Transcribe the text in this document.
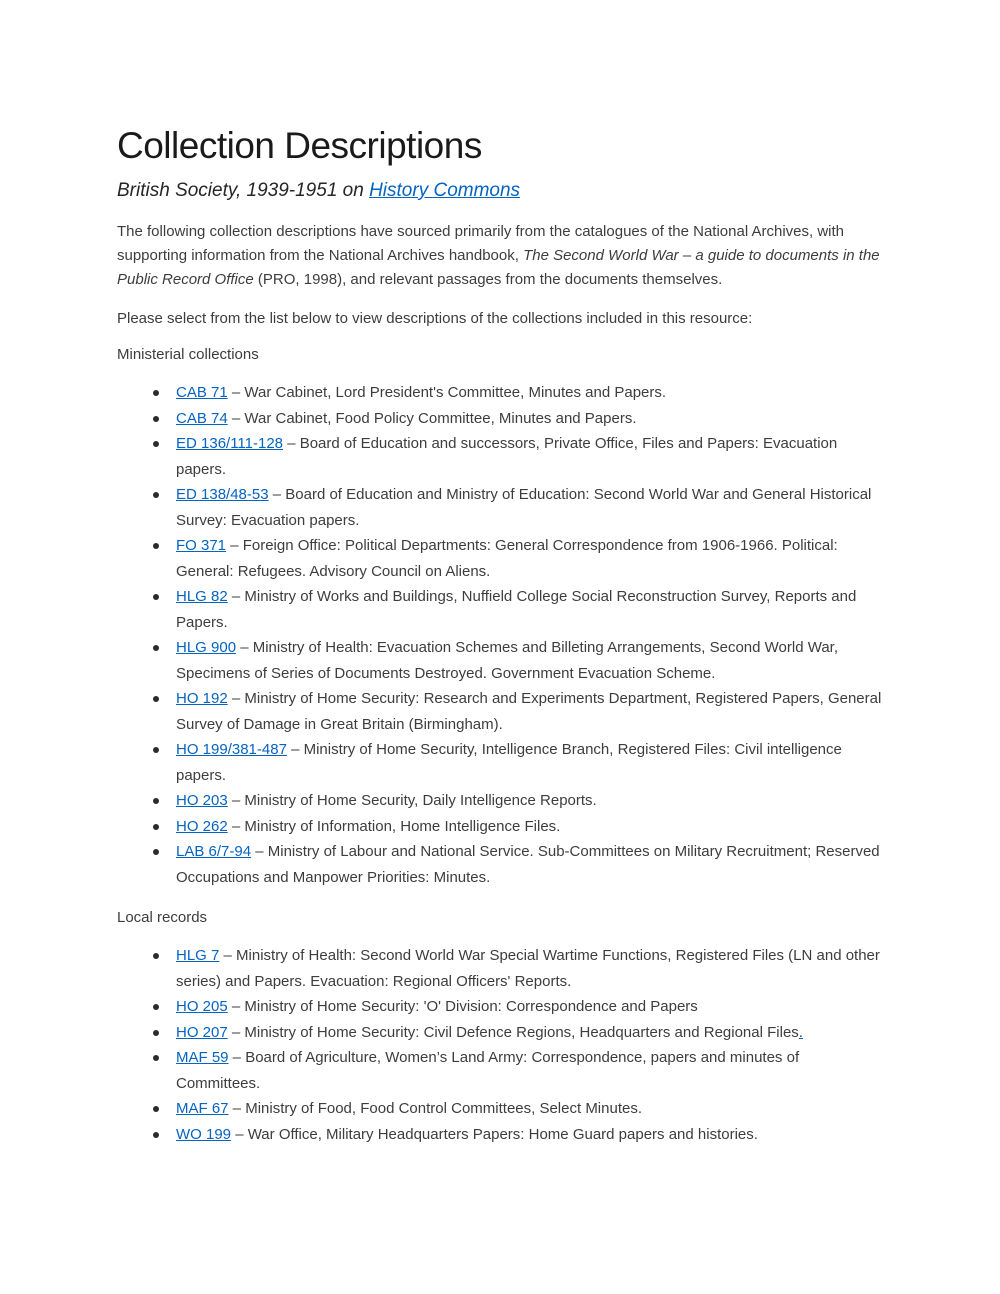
Collection Descriptions

British Society, 1939-1951 on History Commons

The following collection descriptions have sourced primarily from the catalogues of the National Archives, with supporting information from the National Archives handbook, The Second World War – a guide to documents in the Public Record Office (PRO, 1998), and relevant passages from the documents themselves.

Please select from the list below to view descriptions of the collections included in this resource:

Ministerial collections

CAB 71 – War Cabinet, Lord President's Committee, Minutes and Papers.
CAB 74 – War Cabinet, Food Policy Committee, Minutes and Papers.
ED 136/111-128 – Board of Education and successors, Private Office, Files and Papers: Evacuation papers.
ED 138/48-53 – Board of Education and Ministry of Education: Second World War and General Historical Survey: Evacuation papers.
FO 371 – Foreign Office: Political Departments: General Correspondence from 1906-1966. Political: General: Refugees. Advisory Council on Aliens.
HLG 82 – Ministry of Works and Buildings, Nuffield College Social Reconstruction Survey, Reports and Papers.
HLG 900 – Ministry of Health: Evacuation Schemes and Billeting Arrangements, Second World War, Specimens of Series of Documents Destroyed. Government Evacuation Scheme.
HO 192 – Ministry of Home Security: Research and Experiments Department, Registered Papers, General Survey of Damage in Great Britain (Birmingham).
HO 199/381-487 – Ministry of Home Security, Intelligence Branch, Registered Files: Civil intelligence papers.
HO 203 – Ministry of Home Security, Daily Intelligence Reports.
HO 262 – Ministry of Information, Home Intelligence Files.
LAB 6/7-94 – Ministry of Labour and National Service. Sub-Committees on Military Recruitment; Reserved Occupations and Manpower Priorities: Minutes.

Local records

HLG 7 – Ministry of Health: Second World War Special Wartime Functions, Registered Files (LN and other series) and Papers. Evacuation: Regional Officers' Reports.
HO 205 – Ministry of Home Security: 'O' Division: Correspondence and Papers
HO 207 – Ministry of Home Security: Civil Defence Regions, Headquarters and Regional Files.
MAF 59 – Board of Agriculture, Women’s Land Army: Correspondence, papers and minutes of Committees.
MAF 67 – Ministry of Food, Food Control Committees, Select Minutes.
WO 199 – War Office, Military Headquarters Papers: Home Guard papers and histories.
